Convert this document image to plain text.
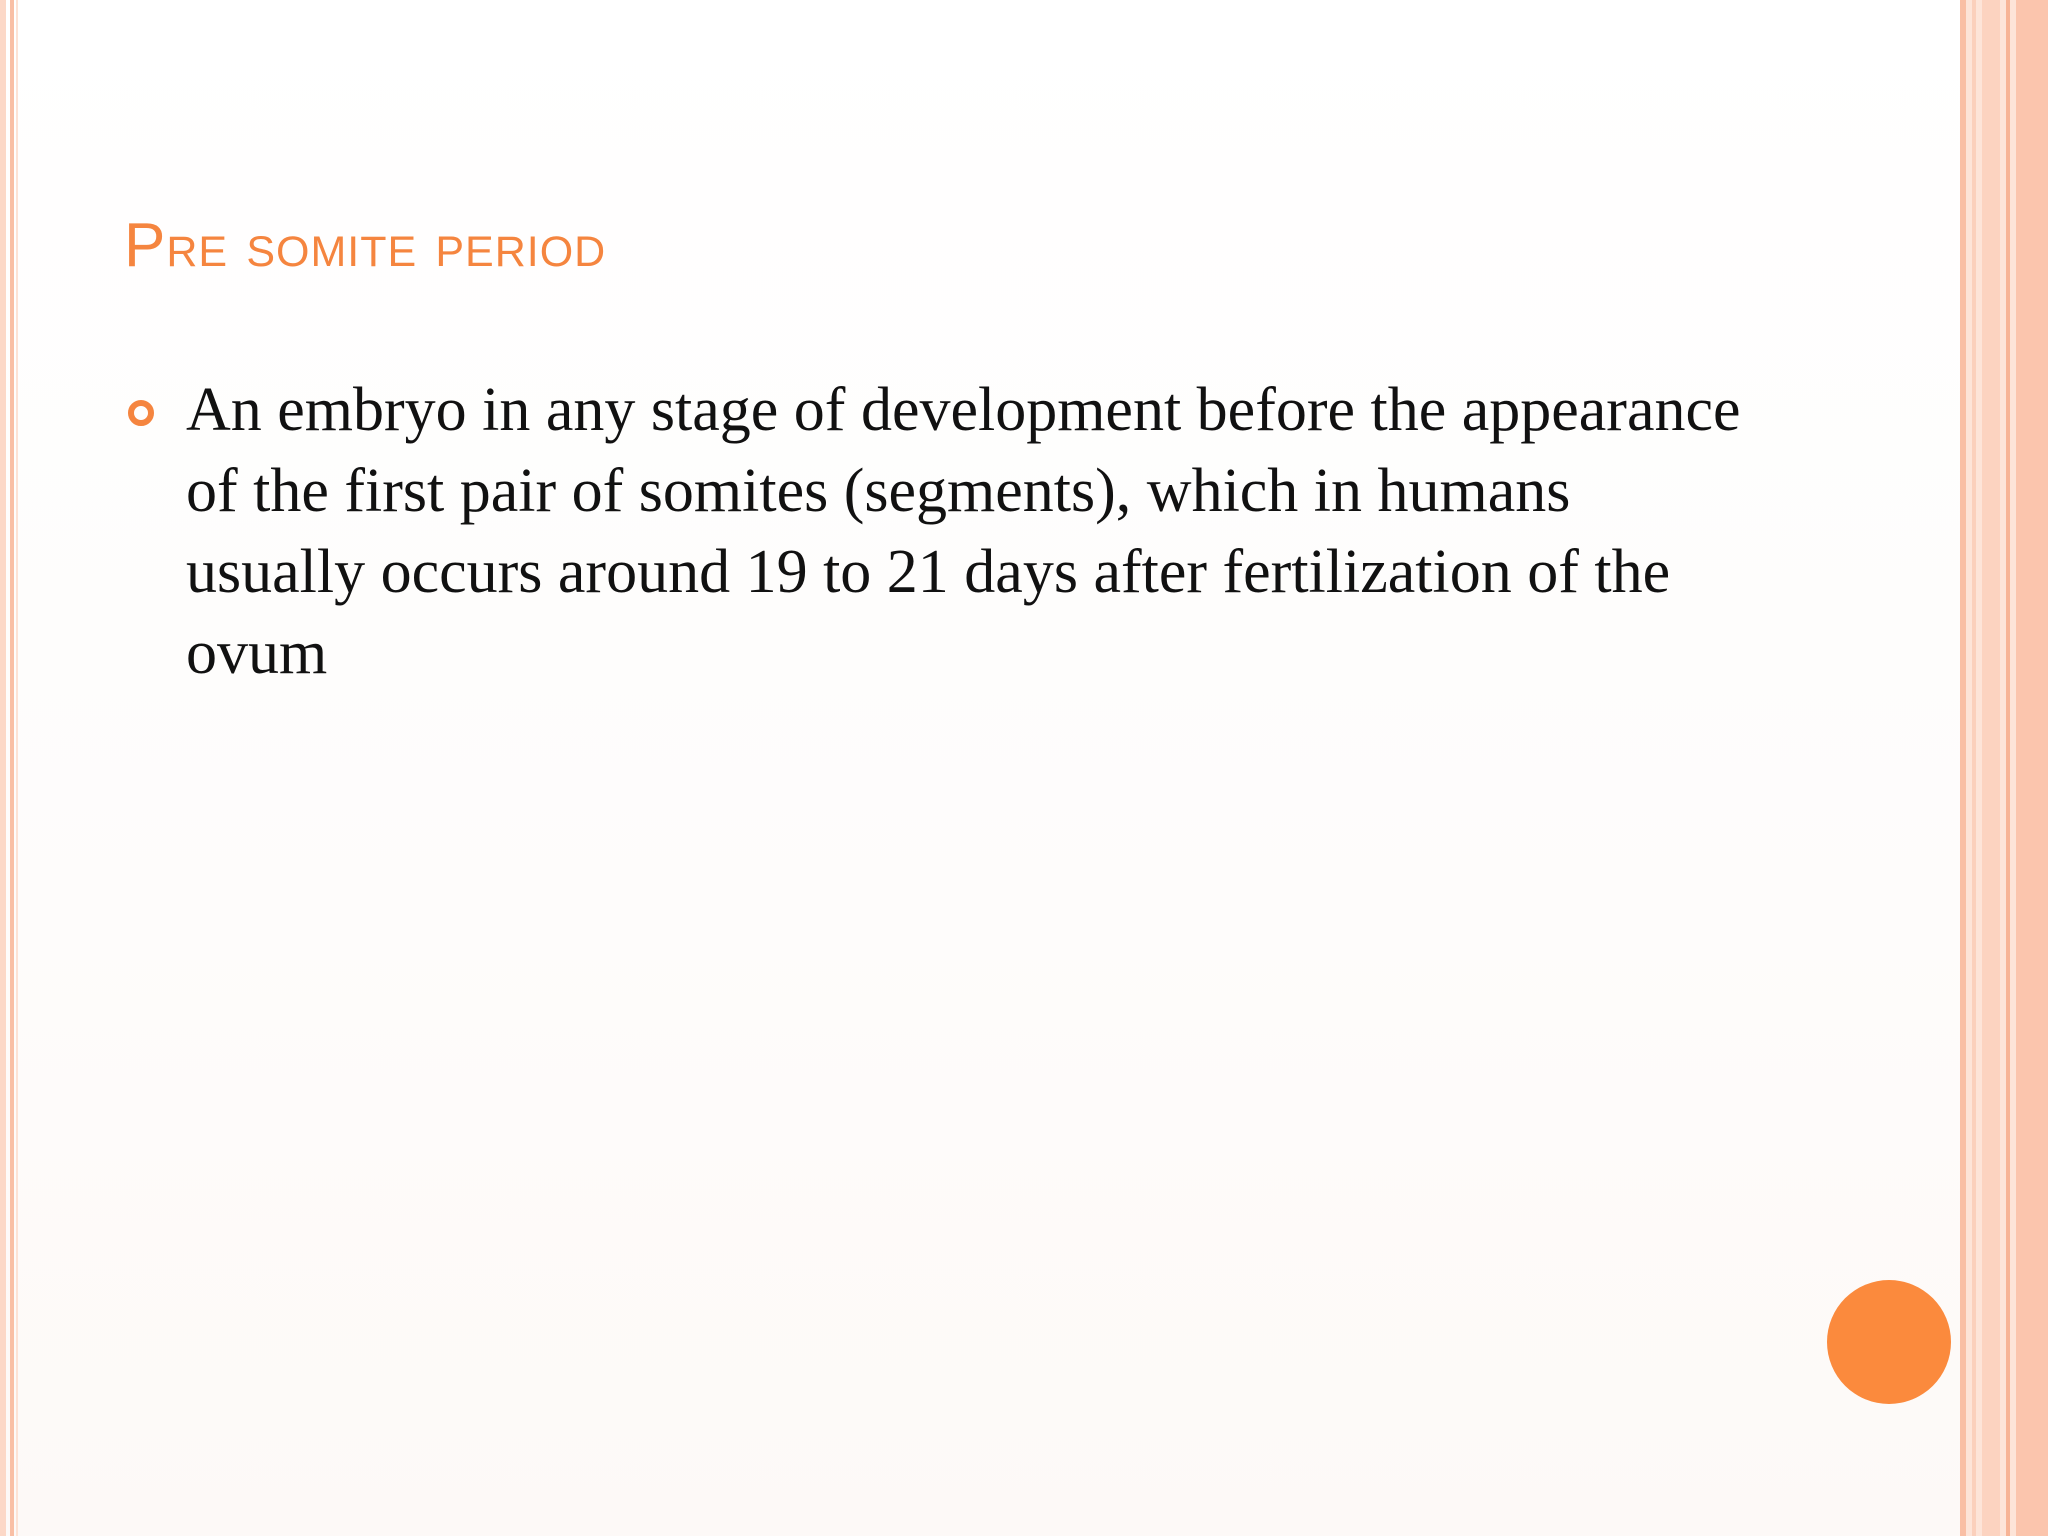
Pre somite period
An embryo in any stage of development before the appearance of the first pair of somites (segments), which in humans usually occurs around 19 to 21 days after fertilization of the ovum
